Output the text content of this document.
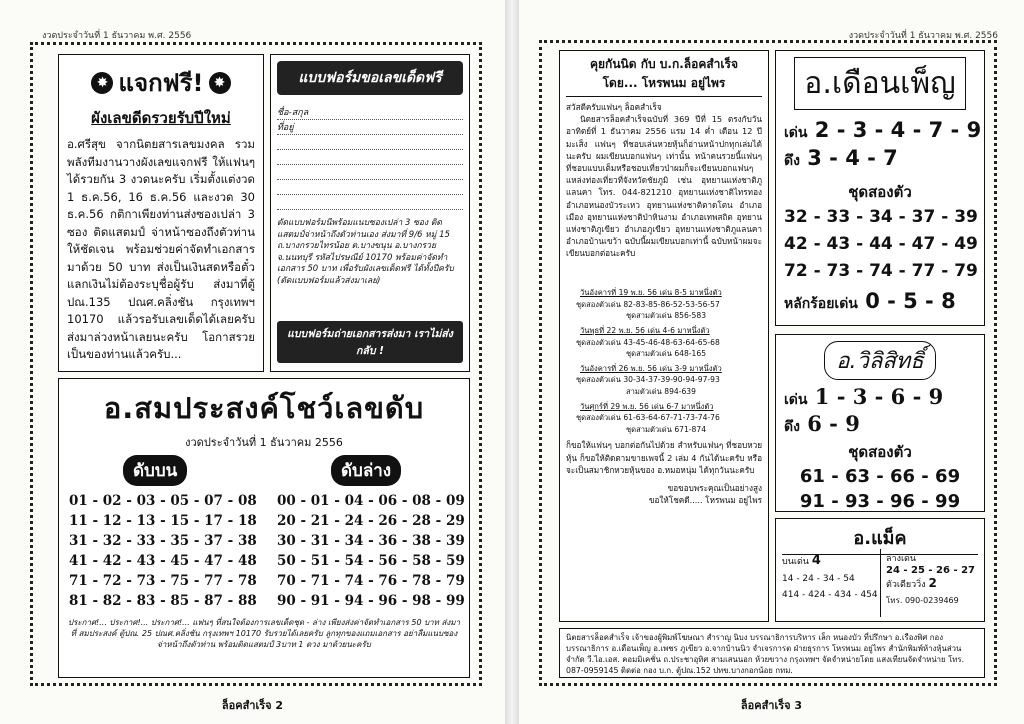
งวดประจำวันที่ 1 ธันวาคม พ.ศ. 2556
✸ แจกฟรี! ✸
ผังเลขดีดรวยรับปีใหม่
อ.ศรีสุข จากนิตยสารเลขมงคล รวมพลังทีมงานวางผังเลขแจกฟรี ให้แฟนๆ ได้รวยกัน 3 งวดนะครับ เริ่มตั้งแต่งวด 1 ธ.ค.56, 16 ธ.ค.56 และงวด 30 ธ.ค.56 กติกาเพียงท่านส่งซองเปล่า 3 ซอง ติดแสตมป์ จ่าหน้าซองถึงตัวท่านให้ชัดเจน พร้อมช่วยค่าจัดทำเอกสารมาด้วย 50 บาท ส่งเป็นเงินสดหรือตั๋วแลกเงินไม่ต้องระบุชื่อผู้รับ ส่งมาที่ตู้ปณ.135 ปณศ.คลิ่งชัน กรุงเทพฯ 10170 แล้วรอรับเลขเด็ดได้เลยครับ ส่งมาล่วงหน้าเลยนะครับ โอกาสรวยเป็นของท่านแล้วครับ...
แบบฟอร์มขอเลขเด็ดฟรี
ชื่อ-สกุล
ที่อยู่
ตัดแบบฟอร์มนี้พร้อมแนบซองเปล่า 3 ซอง ติดแสตมป์จ่าหน้าถึงตัวท่านเอง ส่งมาที่ 9/6 หมู่ 15 ถ.บางกรวยไทรน้อย ต.บางขนุน อ.บางกรวย จ.นนทบุรี รหัสไปรษณีย์ 10170 พร้อมค่าจัดทำเอกสาร 50 บาท เพื่อรับผังเลขเด็ดฟรี ได้ทั้งปีครับ (ตัดแบบฟอร์มแล้วส่งมาเลย)
แบบฟอร์มถ่ายเอกสารส่งมา เราไม่ส่งกลับ !
อ.สมประสงค์โชว์เลขดับ
งวดประจำวันที่ 1 ธันวาคม 2556
ดับบน	ดับล่าง
01 - 02 - 03 - 05 - 07 - 08
11 - 12 - 13 - 15 - 17 - 18
31 - 32 - 33 - 35 - 37 - 38
41 - 42 - 43 - 45 - 47 - 48
71 - 72 - 73 - 75 - 77 - 78
81 - 82 - 83 - 85 - 87 - 88
00 - 01 - 04 - 06 - 08 - 09
20 - 21 - 24 - 26 - 28 - 29
30 - 31 - 34 - 36 - 38 - 39
50 - 51 - 54 - 56 - 58 - 59
70 - 71 - 74 - 76 - 78 - 79
90 - 91 - 94 - 96 - 98 - 99
ประกาศ!... ประกาศ!... ประกาศ!... แฟนๆ ที่สนใจต้องการเลขเด็ดชุด - ล่าง เพียงส่งค่าจัดทำเอกสาร 50 บาท ส่งมาที่ สมประสงค์ ตู้ปณ. 25 ปณศ.คลิ่งชัน กรุงเทพฯ 10170 รับรวยได้เลยครับ ลูกทุกของแถมเอกสาร อย่าลืมแนบซองจ่าหน้าถึงตัวท่าน พร้อมติดแสตมป์ 3บาท 1 ดวง มาด้วยนะครับ
ล็อคสำเร็จ 2
งวดประจำวันที่ 1 ธันวาคม พ.ศ. 2556
คุยกันนิด กับ บ.ก.ล็อคสำเร็จ
โดย... โหรพนม อยู่ไพร
สวัสดีครับแฟนๆ ล็อคสำเร็จ
นิตยสารล็อคสำเร็จฉบับที่ 369 ปีที่ 15 ตรงกับวันอาทิตย์ที่ 1 ธันวาคม 2556 แรม 14 ค่ำ เดือน 12 ปีมะเส็ง แฟนๆ ที่ชอบเล่นหวยหุ้นก็อ่านหน้าปกทุกเล่มได้นะครับ ผมเขียนบอกแฟนๆ เท่านั้น หน้าคนรวยนี้แฟนๆ ที่ชอบแบบเต็มหรือชอบเที่ยวป่าผมก็จะเขียนบอกแฟนๆ แหล่งท่องเที่ยวที่จังหวัดชัยภูมิ เช่น อุทยานแห่งชาติภูแลนคา โทร. 044-821210 อุทยานแห่งชาติไทรทอง อำเภอหนองบัวระเหว อุทยานแห่งชาติตาดโตน อำเภอเมือง อุทยานแห่งชาติป่าหินงาม อำเภอเทพสถิต อุทยานแห่งชาติภูเขียว อำเภอภูเขียว อุทยานแห่งชาติภูแลนคา อำเภอบ้านเขว้า ฉบับนี้ผมเขียนบอกเท่านี้ ฉบับหน้าผมจะเขียนบอกต่อนะครับ
วันอังคารที่ 19 พ.ย. 56 เด่น 8-5 มาหนึ่งตัว
ชุดสองตัวเด่น 82-83-85-86-52-53-56-57
ชุดสามตัวเด่น 856-583
วันพุธที่ 22 พ.ย. 56 เด่น 4-6 มาหนึ่งตัว
ชุดสองตัวเด่น 43-45-46-48-63-64-65-68
ชุดสามตัวเด่น 648-165
วันอังคารที่ 26 พ.ย. 56 เด่น 3-9 มาหนึ่งตัว
ชุดสองตัวเด่น 30-34-37-39-90-94-97-93
สามตัวเด่น 894-639
วันศุกร์ที่ 29 พ.ย. 56 เด่น 6-7 มาหนึ่งตัว
ชุดสองตัวเด่น 61-63-64-67-71-73-74-76
ชุดสามตัวเด่น 671-874
ก็ขอให้แฟนๆ บอกต่อกันไปด้วย สำหรับแฟนๆ ที่ชอบหวยหุ้น ก็ขอให้ติดตามขายเพจนี้ 2 เล่ม 4 กันได้นะครับ หรือจะเป็นสมาชิกหวยหุ้นของ อ.หมอหนุ่ม ได้ทุกวันนะครับ
ขอขอบพระคุณเป็นอย่างสูง
ขอให้โชคดี..... โหรพนม อยู่ไพร
อ.เดือนเพ็ญ
เด่น 2 - 3 - 4 - 7 - 9
ดึง 3 - 4 - 7
ชุดสองตัว
32 - 33 - 34 - 37 - 39
42 - 43 - 44 - 47 - 49
72 - 73 - 74 - 77 - 79
หลักร้อยเด่น 0 - 5 - 8
อ.วิลิสิทธิ์
เด่น 1 - 3 - 6 - 9
ดึง 6 - 9
ชุดสองตัว
61 - 63 - 66 - 69
91 - 93 - 96 - 99
อ.แม็ค
บนเด่น 4
14 - 24 - 34 - 54
414 - 424 - 434 - 454
ล่างเด่น
24 - 25 - 26 - 27
ตัวเดียววิ่ง 2
โทร. 090-0239469
นิตยสารล็อคสำเร็จ เจ้าของผู้พิมพ์โฆษณา สำราญ นิบง บรรณาธิการบริหาร เล็ก หนองบัว ที่ปรึกษา อ.เรืองพิศ กองบรรณาธิการ อ.เดือนเพ็ญ อ.เพชร ภูเขียว อ.จากบ้านนิว จำเจรการต ฝ่ายธุรการ โหรพนม อยู่ไพร สำนักพิมพ์ห้างหุ้นส่วนจำกัด วี.ไอ.เอส. คอมมิเคชั่น ถ.ประชาอุทิศ สามเสนนอก ห้วยขวาง กรุงเทพฯ จัดจำหน่ายโดย แสงเทียนจัดจำหน่าย โทร. 087-0959145 ติดต่อ กอง บ.ก. ตู้ปณ.152 ปทข.บางกอกน้อย กทม.
ล็อคสำเร็จ 3
